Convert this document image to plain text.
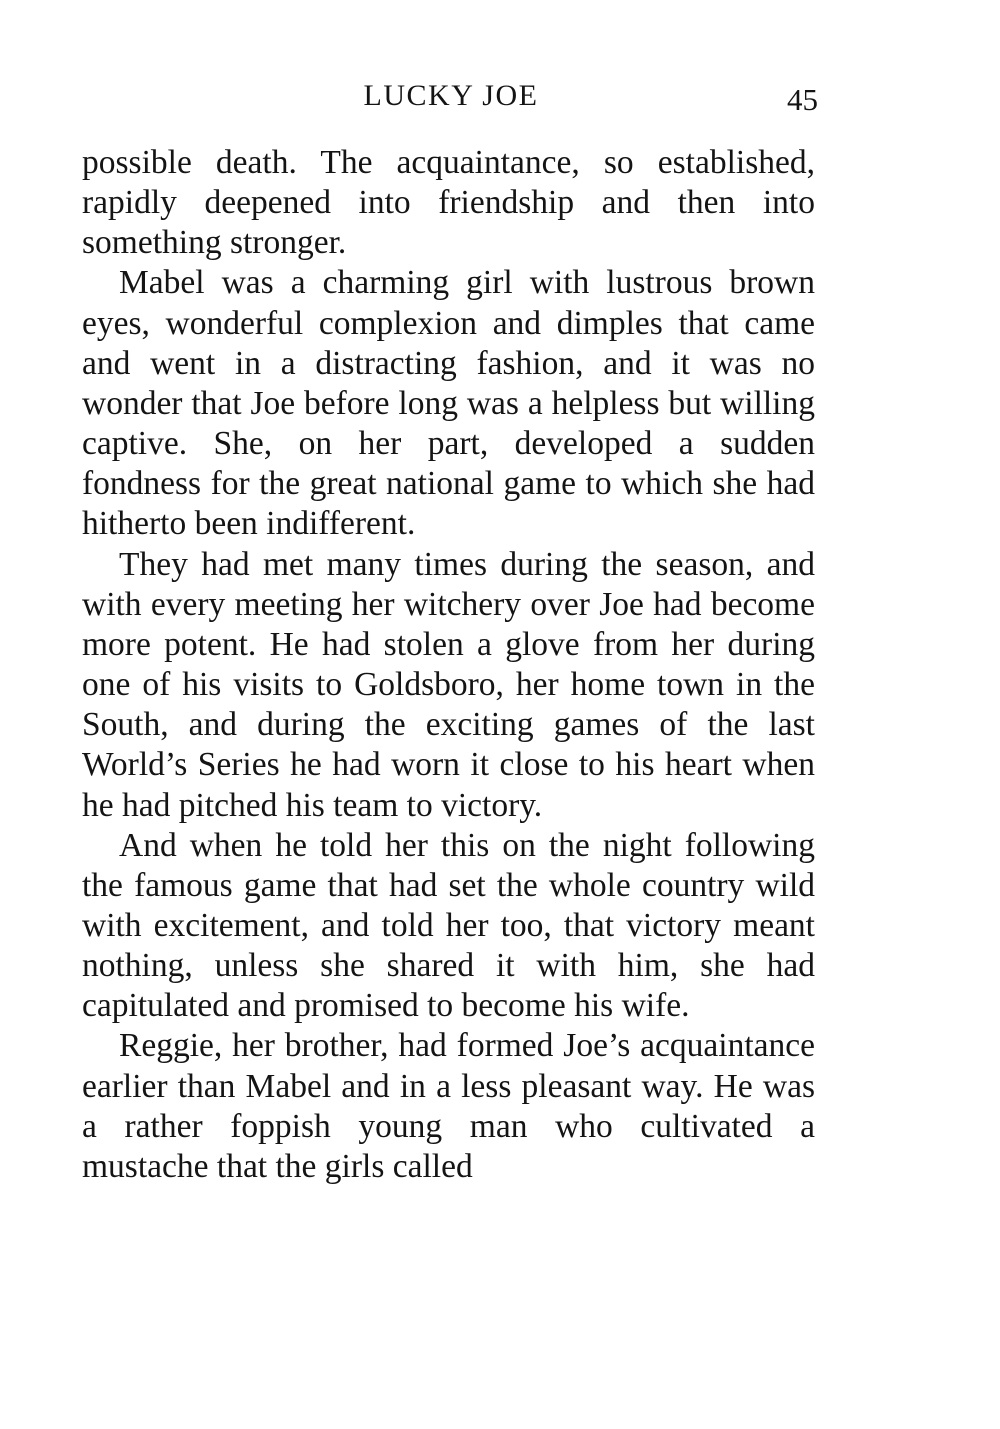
LUCKY JOE	45

possible death. The acquaintance, so established, rapidly deepened into friendship and then into something stronger.

Mabel was a charming girl with lustrous brown eyes, wonderful complexion and dimples that came and went in a distracting fashion, and it was no wonder that Joe before long was a helpless but willing captive. She, on her part, developed a sudden fondness for the great national game to which she had hitherto been indifferent.

They had met many times during the season, and with every meeting her witchery over Joe had become more potent. He had stolen a glove from her during one of his visits to Goldsboro, her home town in the South, and during the exciting games of the last World’s Series he had worn it close to his heart when he had pitched his team to victory.

And when he told her this on the night following the famous game that had set the whole country wild with excitement, and told her too, that victory meant nothing, unless she shared it with him, she had capitulated and promised to become his wife.

Reggie, her brother, had formed Joe’s acquaintance earlier than Mabel and in a less pleasant way. He was a rather foppish young man who cultivated a mustache that the girls called
